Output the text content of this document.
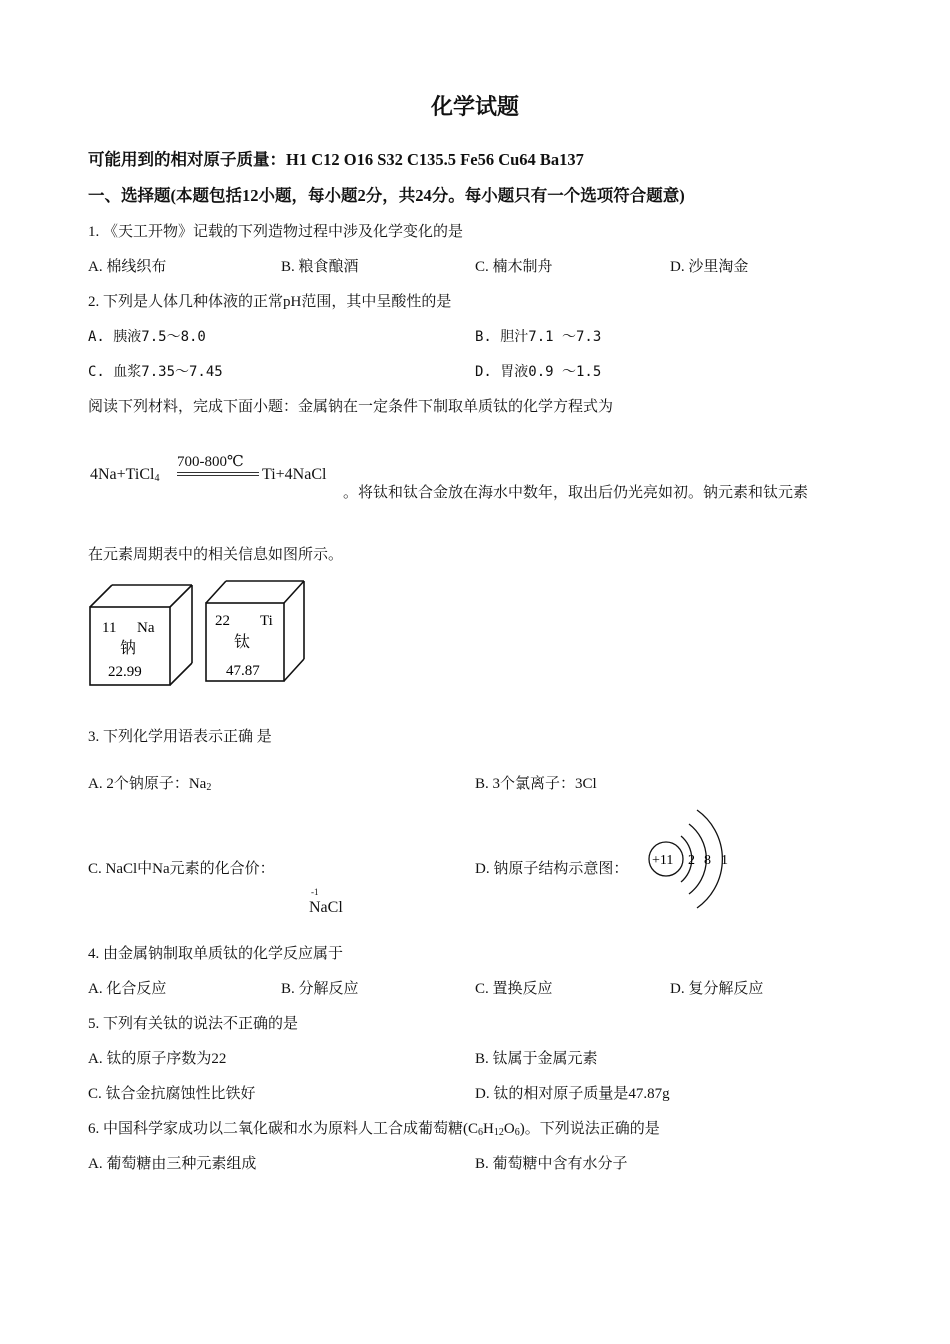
化学试题
可能用到的相对原子质量：H1 C12 O16 S32 C135.5 Fe56 Cu64 Ba137
一、选择题(本题包括12小题，每小题2分，共24分。每小题只有一个选项符合题意)
1. 《天工开物》记载的下列造物过程中涉及化学变化的是
A. 棉线织布	B. 粮食酿酒	C. 楠木制舟	D. 沙里淘金
2. 下列是人体几种体液的正常pH范围，其中呈酸性的是
A. 胰液7.5～8.0	B. 胆汁7.1 ～7.3
C. 血浆7.35～7.45	D. 胃液0.9 ～1.5
阅读下列材料，完成下面小题：金属钠在一定条件下制取单质钛的化学方程式为
4Na+TiCl$_4$
700-800℃
Ti+4NaCl
。将钛和钛合金放在海水中数年，取出后仍光亮如初。钠元素和钛元素
在元素周期表中的相关信息如图所示。
11 Na
钠
22.99
22 Ti
钛
47.87
3. 下列化学用语表示正确 是
A. 2个钠原子：$Na_2$	B. 3个氯离子：3Cl
C. NaCl中Na元素的化合价：
-1
NaCl
D. 钠原子结构示意图：
+11 2 8 1
4. 由金属钠制取单质钛的化学反应属于
A. 化合反应	B. 分解反应	C. 置换反应	D. 复分解反应
5. 下列有关钛的说法不正确的是
A. 钛的原子序数为22	B. 钛属于金属元素
C. 钛合金抗腐蚀性比铁好	D. 钛的相对原子质量是47.87g
6. 中国科学家成功以二氧化碳和水为原料人工合成葡萄糖$(C_6H_{12}O_6)$。下列说法正确的是
A. 葡萄糖由三种元素组成	B. 葡萄糖中含有水分子
